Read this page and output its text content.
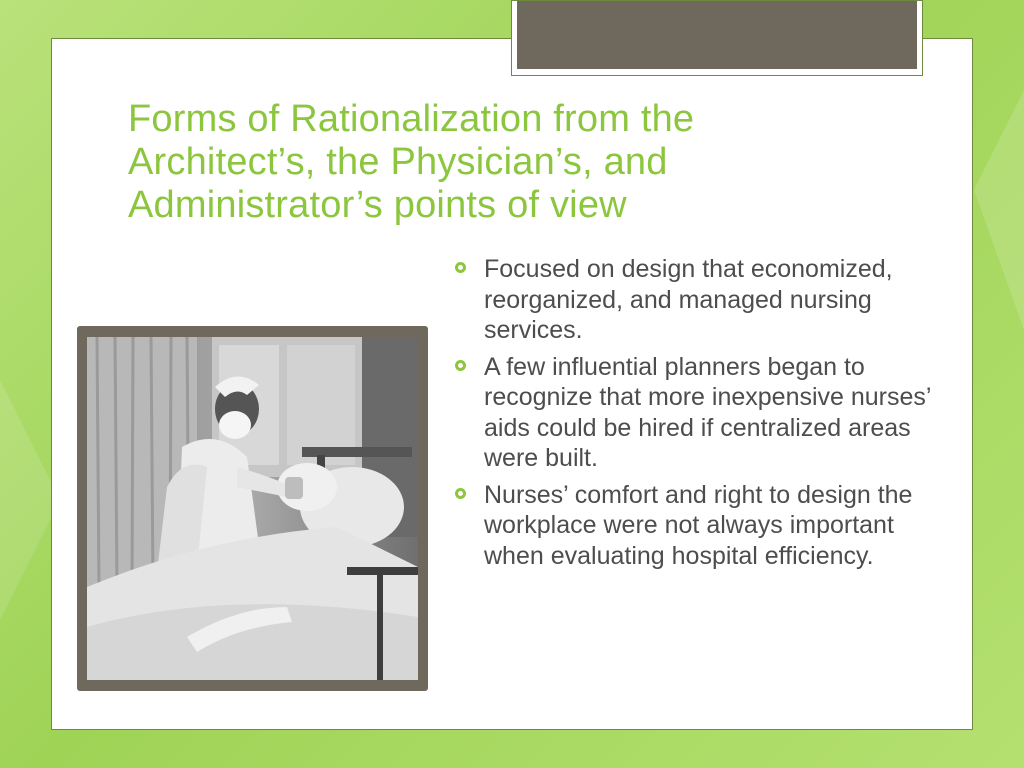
Forms of Rationalization from the Architect’s, the Physician’s, and Administrator’s points of view
Focused on design that economized, reorganized, and managed nursing services.
A few influential planners began to recognize that more inexpensive nurses’ aids could be hired if centralized areas were built.
Nurses’ comfort and right to design the workplace were not always important when evaluating hospital efficiency.
